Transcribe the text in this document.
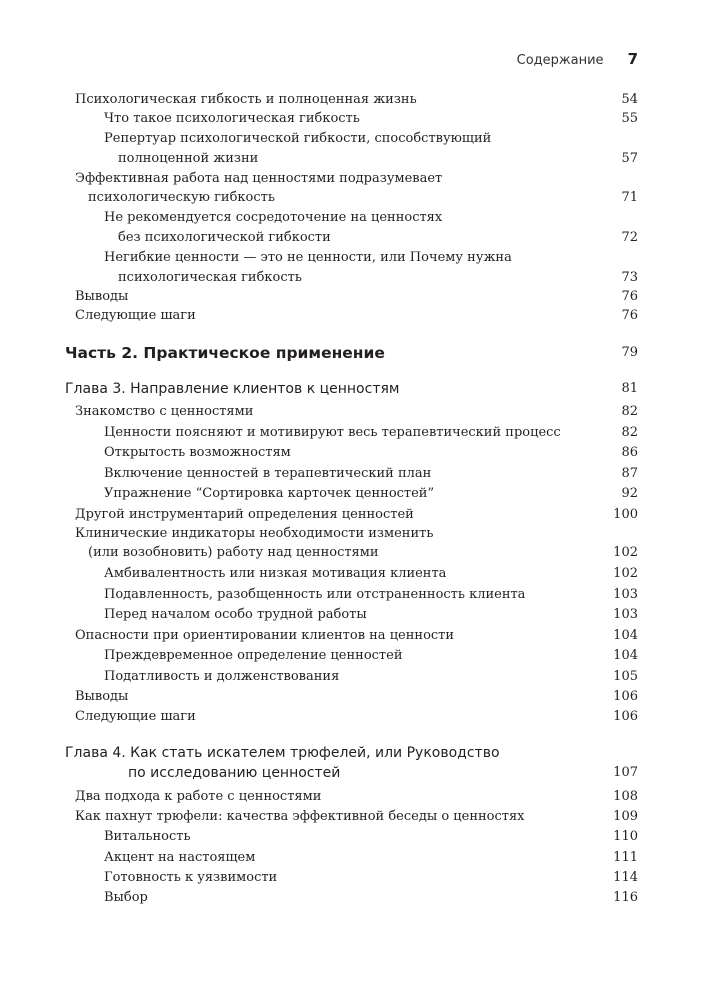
Содержание 7
Психологическая гибкость и полноценная жизнь	54
Что такое психологическая гибкость	55
Репертуар психологической гибкости, способствующий
полноценной жизни	57
Эффективная работа над ценностями подразумевает
психологическую гибкость	71
Не рекомендуется сосредоточение на ценностях
без психологической гибкости	72
Негибкие ценности — это не ценности, или Почему нужна
психологическая гибкость	73
Выводы	76
Следующие шаги	76
Часть 2. Практическое применение	79
Глава 3. Направление клиентов к ценностям	81
Знакомство с ценностями	82
Ценности поясняют и мотивируют весь терапевтический процесс	82
Открытость возможностям	86
Включение ценностей в терапевтический план	87
Упражнение “Сортировка карточек ценностей”	92
Другой инструментарий определения ценностей	100
Клинические индикаторы необходимости изменить
(или возобновить) работу над ценностями	102
Амбивалентность или низкая мотивация клиента	102
Подавленность, разобщенность или отстраненность клиента	103
Перед началом особо трудной работы	103
Опасности при ориентировании клиентов на ценности	104
Преждевременное определение ценностей	104
Податливость и долженствования	105
Выводы	106
Следующие шаги	106
Глава 4. Как стать искателем трюфелей, или Руководство
по исследованию ценностей	107
Два подхода к работе с ценностями	108
Как пахнут трюфели: качества эффективной беседы о ценностях	109
Витальность	110
Акцент на настоящем	111
Готовность к уязвимости	114
Выбор	116
